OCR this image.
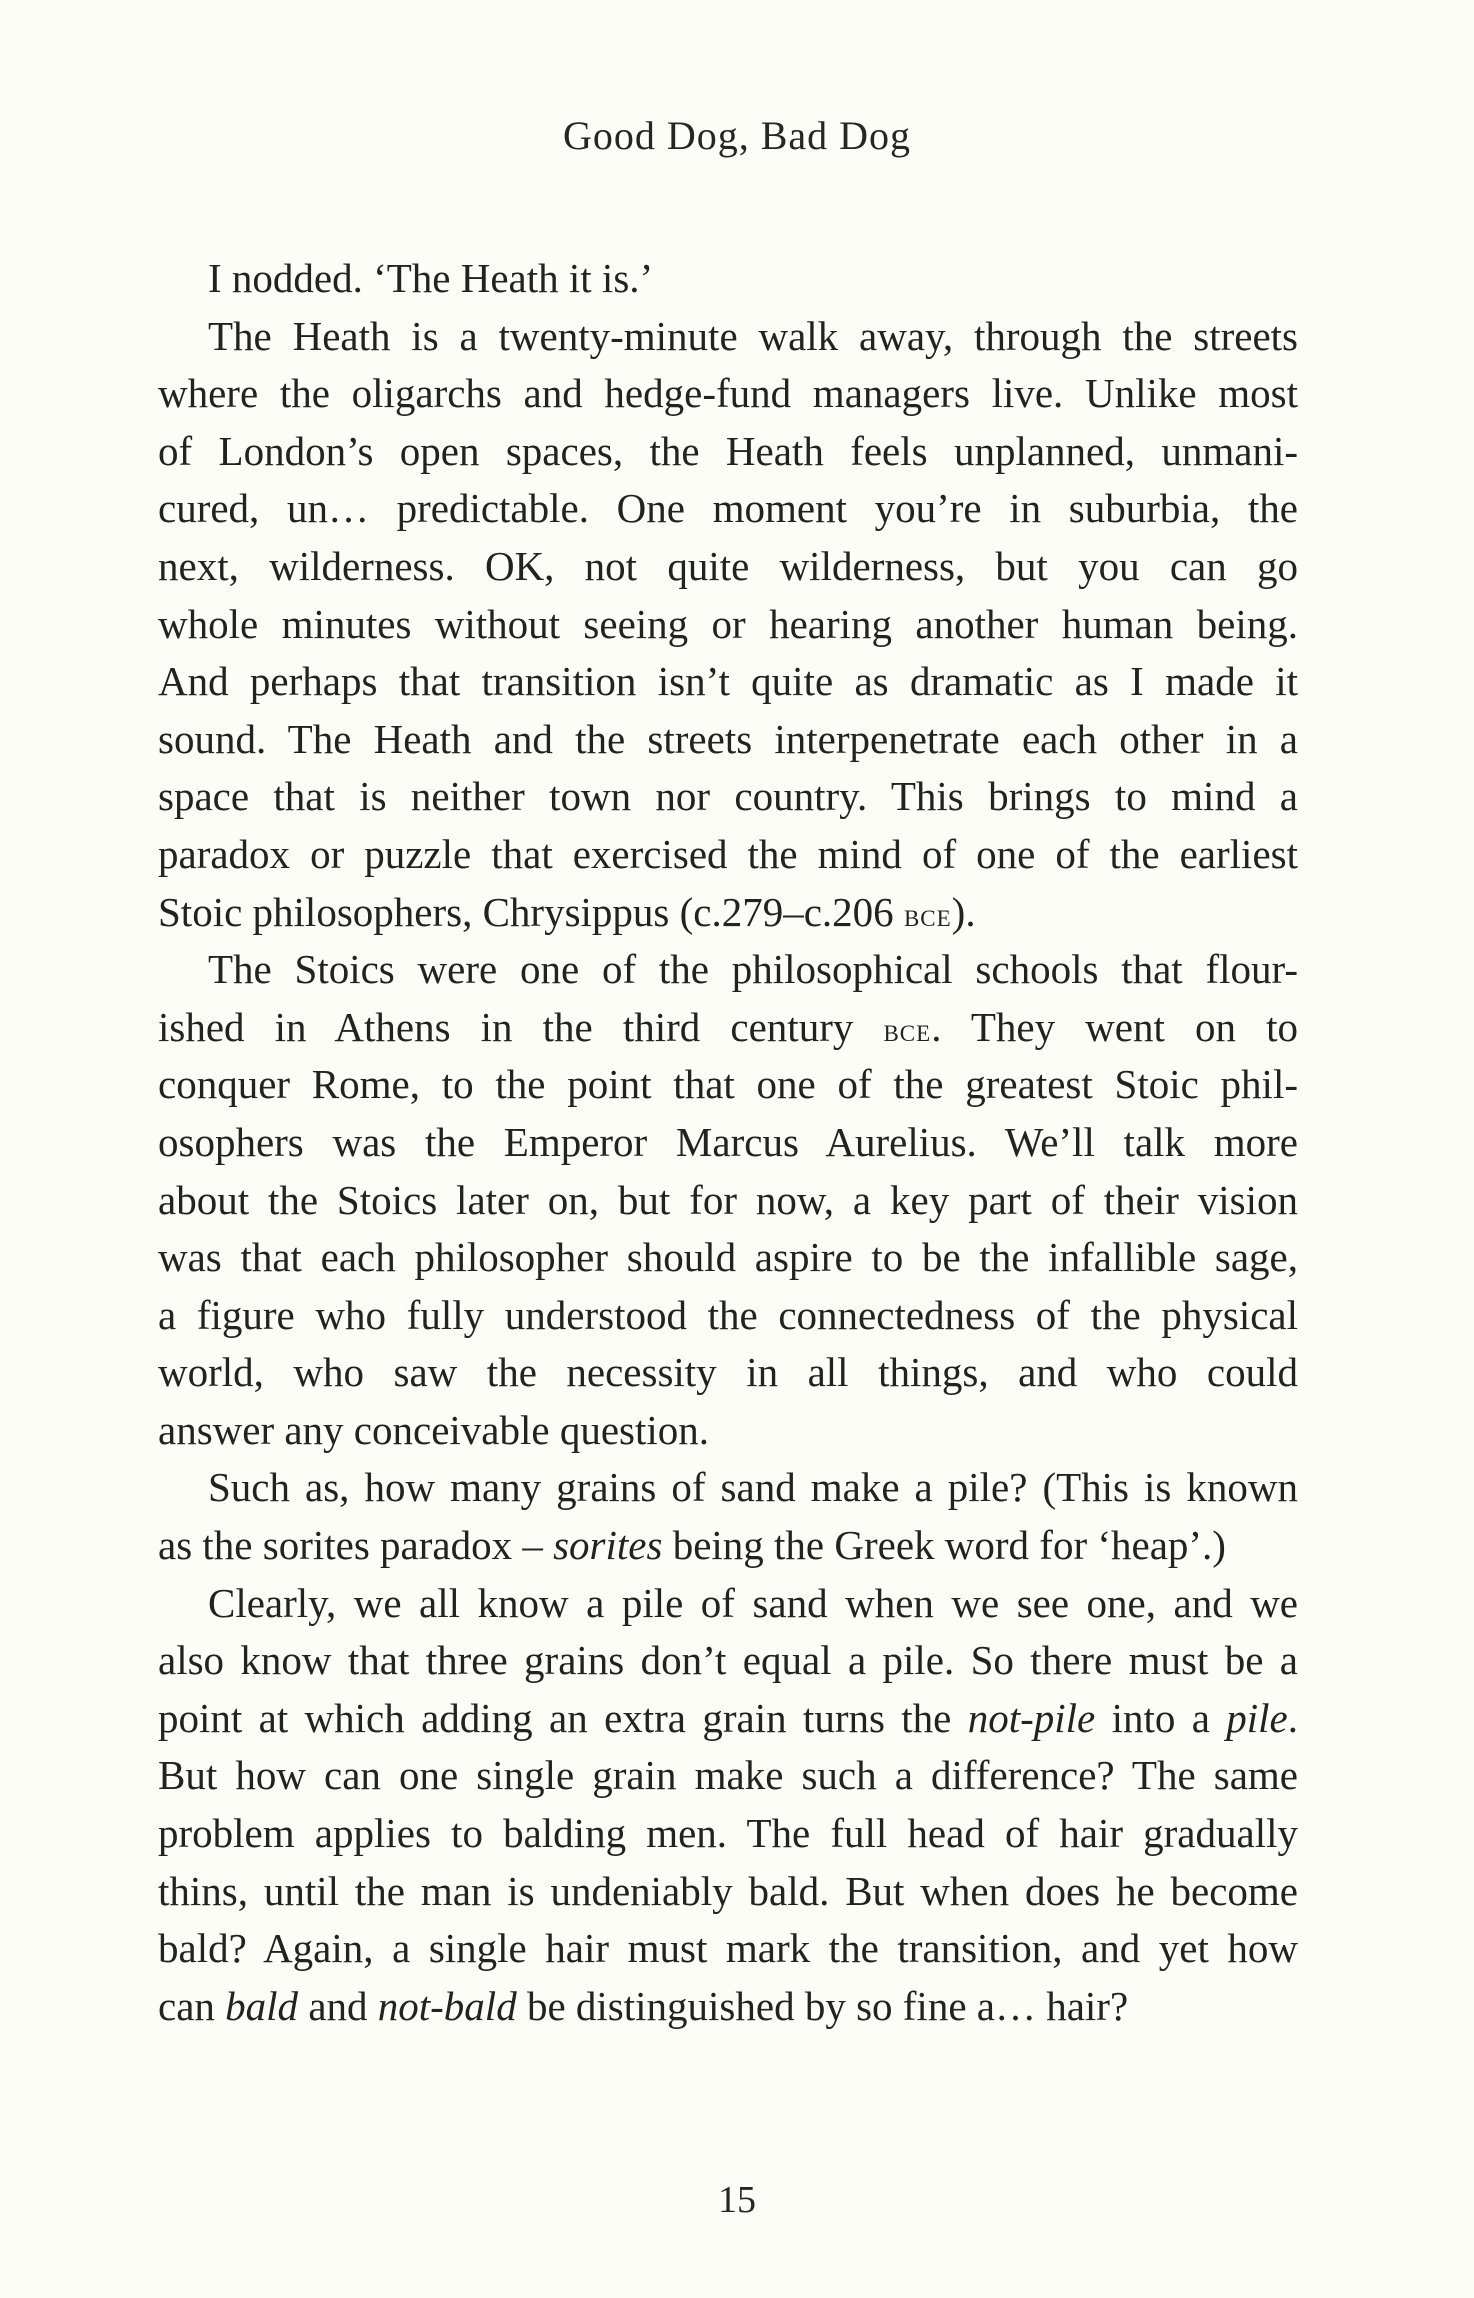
Good Dog, Bad Dog
I nodded. ‘The Heath it is.’
The Heath is a twenty-minute walk away, through the streets
where the oligarchs and hedge-fund managers live. Unlike most
of London’s open spaces, the Heath feels unplanned, unmani-
cured, un… predictable. One moment you’re in suburbia, the
next, wilderness. OK, not quite wilderness, but you can go
whole minutes without seeing or hearing another human being.
And perhaps that transition isn’t quite as dramatic as I made it
sound. The Heath and the streets interpenetrate each other in a
space that is neither town nor country. This brings to mind a
paradox or puzzle that exercised the mind of one of the earliest
Stoic philosophers, Chrysippus (c.279–c.206 bce).
The Stoics were one of the philosophical schools that flour-
ished in Athens in the third century bce. They went on to
conquer Rome, to the point that one of the greatest Stoic phil-
osophers was the Emperor Marcus Aurelius. We’ll talk more
about the Stoics later on, but for now, a key part of their vision
was that each philosopher should aspire to be the infallible sage,
a figure who fully understood the connectedness of the physical
world, who saw the necessity in all things, and who could
answer any conceivable question.
Such as, how many grains of sand make a pile? (This is known
as the sorites paradox – sorites being the Greek word for ‘heap’.)
Clearly, we all know a pile of sand when we see one, and we
also know that three grains don’t equal a pile. So there must be a
point at which adding an extra grain turns the not-pile into a pile.
But how can one single grain make such a difference? The same
problem applies to balding men. The full head of hair gradually
thins, until the man is undeniably bald. But when does he become
bald? Again, a single hair must mark the transition, and yet how
can bald and not-bald be distinguished by so fine a… hair?
15
